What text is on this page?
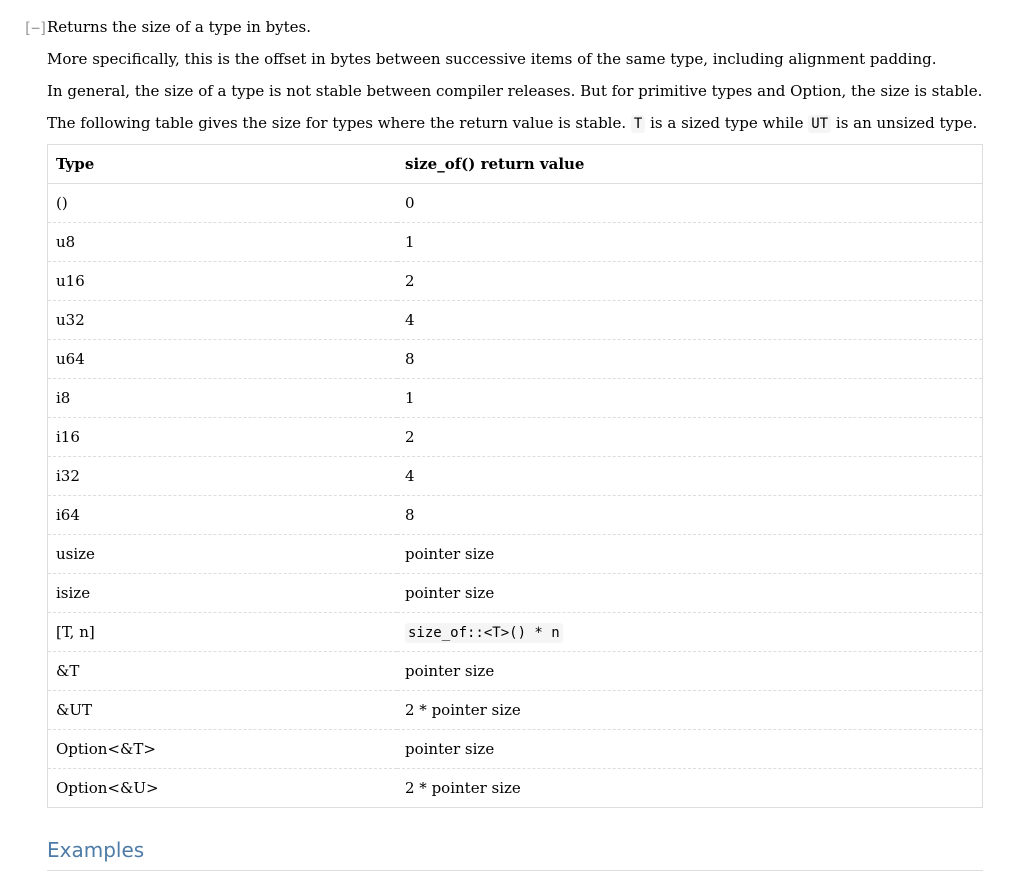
[−] Returns the size of a type in bytes.

More specifically, this is the offset in bytes between successive items of the same type, including alignment padding.

In general, the size of a type is not stable between compiler releases. But for primitive types and Option, the size is stable.

The following table gives the size for types where the return value is stable. T is a sized type while UT is an unsized type.

Type	size_of() return value
()	0
u8	1
u16	2
u32	4
u64	8
i8	1
i16	2
i32	4
i64	8
usize	pointer size
isize	pointer size
[T, n]	size_of::<T>() * n
&T	pointer size
&UT	2 * pointer size
Option<&T>	pointer size
Option<&U>	2 * pointer size
Examples
